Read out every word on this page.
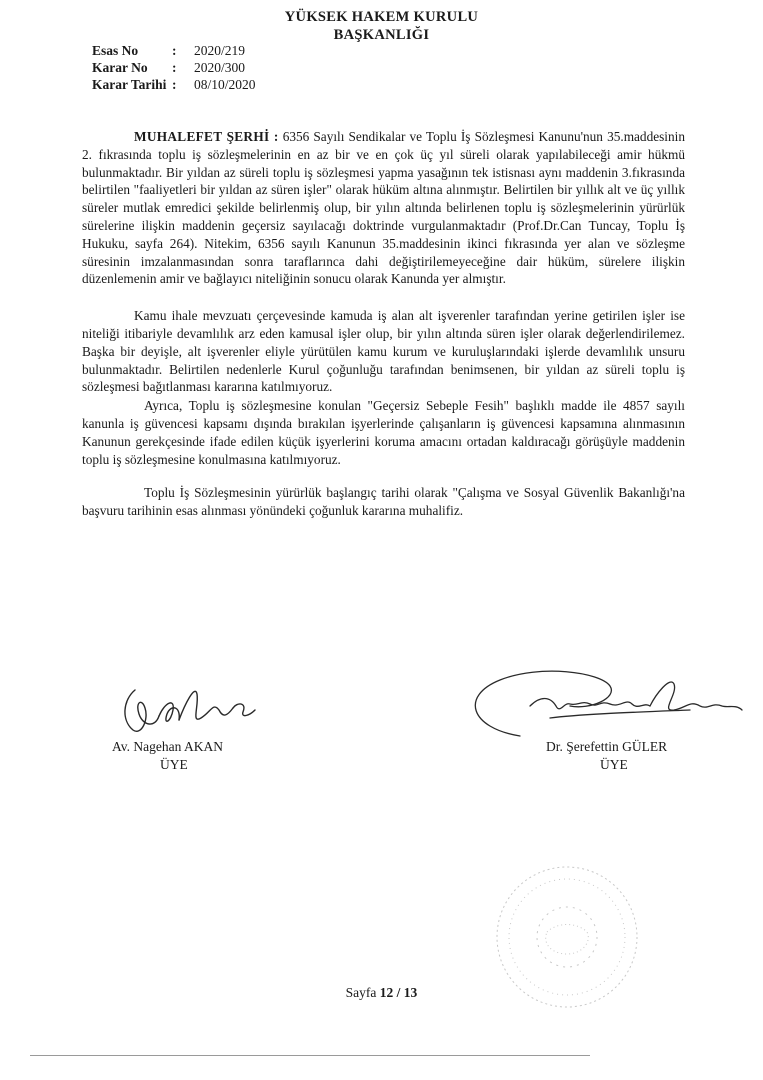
YÜKSEK HAKEM KURULU
BAŞKANLIĞI
Esas No	:	2020/219
Karar No	:	2020/300
Karar Tarihi :	08/10/2020

MUHALEFET ŞERHİ : 6356 Sayılı Sendikalar ve Toplu İş Sözleşmesi Kanunu'nun 35.maddesinin 2. fıkrasında toplu iş sözleşmelerinin en az bir ve en çok üç yıl süreli olarak yapılabileceği amir hükmü bulunmaktadır. Bir yıldan az süreli toplu iş sözleşmesi yapma yasağının tek istisnası aynı maddenin 3.fıkrasında belirtilen "faaliyetleri bir yıldan az süren işler" olarak hüküm altına alınmıştır. Belirtilen bir yıllık alt ve üç yıllık süreler mutlak emredici şekilde belirlenmiş olup, bir yılın altında belirlenen toplu iş sözleşmelerinin yürürlük sürelerine ilişkin maddenin geçersiz sayılacağı doktrinde vurgulanmaktadır (Prof.Dr.Can Tuncay, Toplu İş Hukuku, sayfa 264). Nitekim, 6356 sayılı Kanunun 35.maddesinin ikinci fıkrasında yer alan ve sözleşme süresinin imzalanmasından sonra taraflarınca dahi değiştirilemeyeceğine dair hüküm, sürelere ilişkin düzenlemenin amir ve bağlayıcı niteliğinin sonucu olarak Kanunda yer almıştır.

Kamu ihale mevzuatı çerçevesinde kamuda iş alan alt işverenler tarafından yerine getirilen işler ise niteliği itibariyle devamlılık arz eden kamusal işler olup, bir yılın altında süren işler olarak değerlendirilemez. Başka bir deyişle, alt işverenler eliyle yürütülen kamu kurum ve kuruluşlarındaki işlerde devamlılık unsuru bulunmaktadır. Belirtilen nedenlerle Kurul çoğunluğu tarafından benimsenen, bir yıldan az süreli toplu iş sözleşmesi bağıtlanması kararına katılmıyoruz.

Ayrıca, Toplu iş sözleşmesine konulan "Geçersiz Sebeple Fesih" başlıklı madde ile 4857 sayılı kanunla iş güvencesi kapsamı dışında bırakılan işyerlerinde çalışanların iş güvencesi kapsamına alınmasının Kanunun gerekçesinde ifade edilen küçük işyerlerini koruma amacını ortadan kaldıracağı görüşüyle maddenin toplu iş sözleşmesine konulmasına katılmıyoruz.

Toplu İş Sözleşmesinin yürürlük başlangıç tarihi olarak "Çalışma ve Sosyal Güvenlik Bakanlığı'na başvuru tarihinin esas alınması yönündeki çoğunluk kararına muhalifiz.

Av. Nagehan AKAN
ÜYE
Dr. Şerefettin GÜLER
ÜYE
Sayfa 12 / 13
